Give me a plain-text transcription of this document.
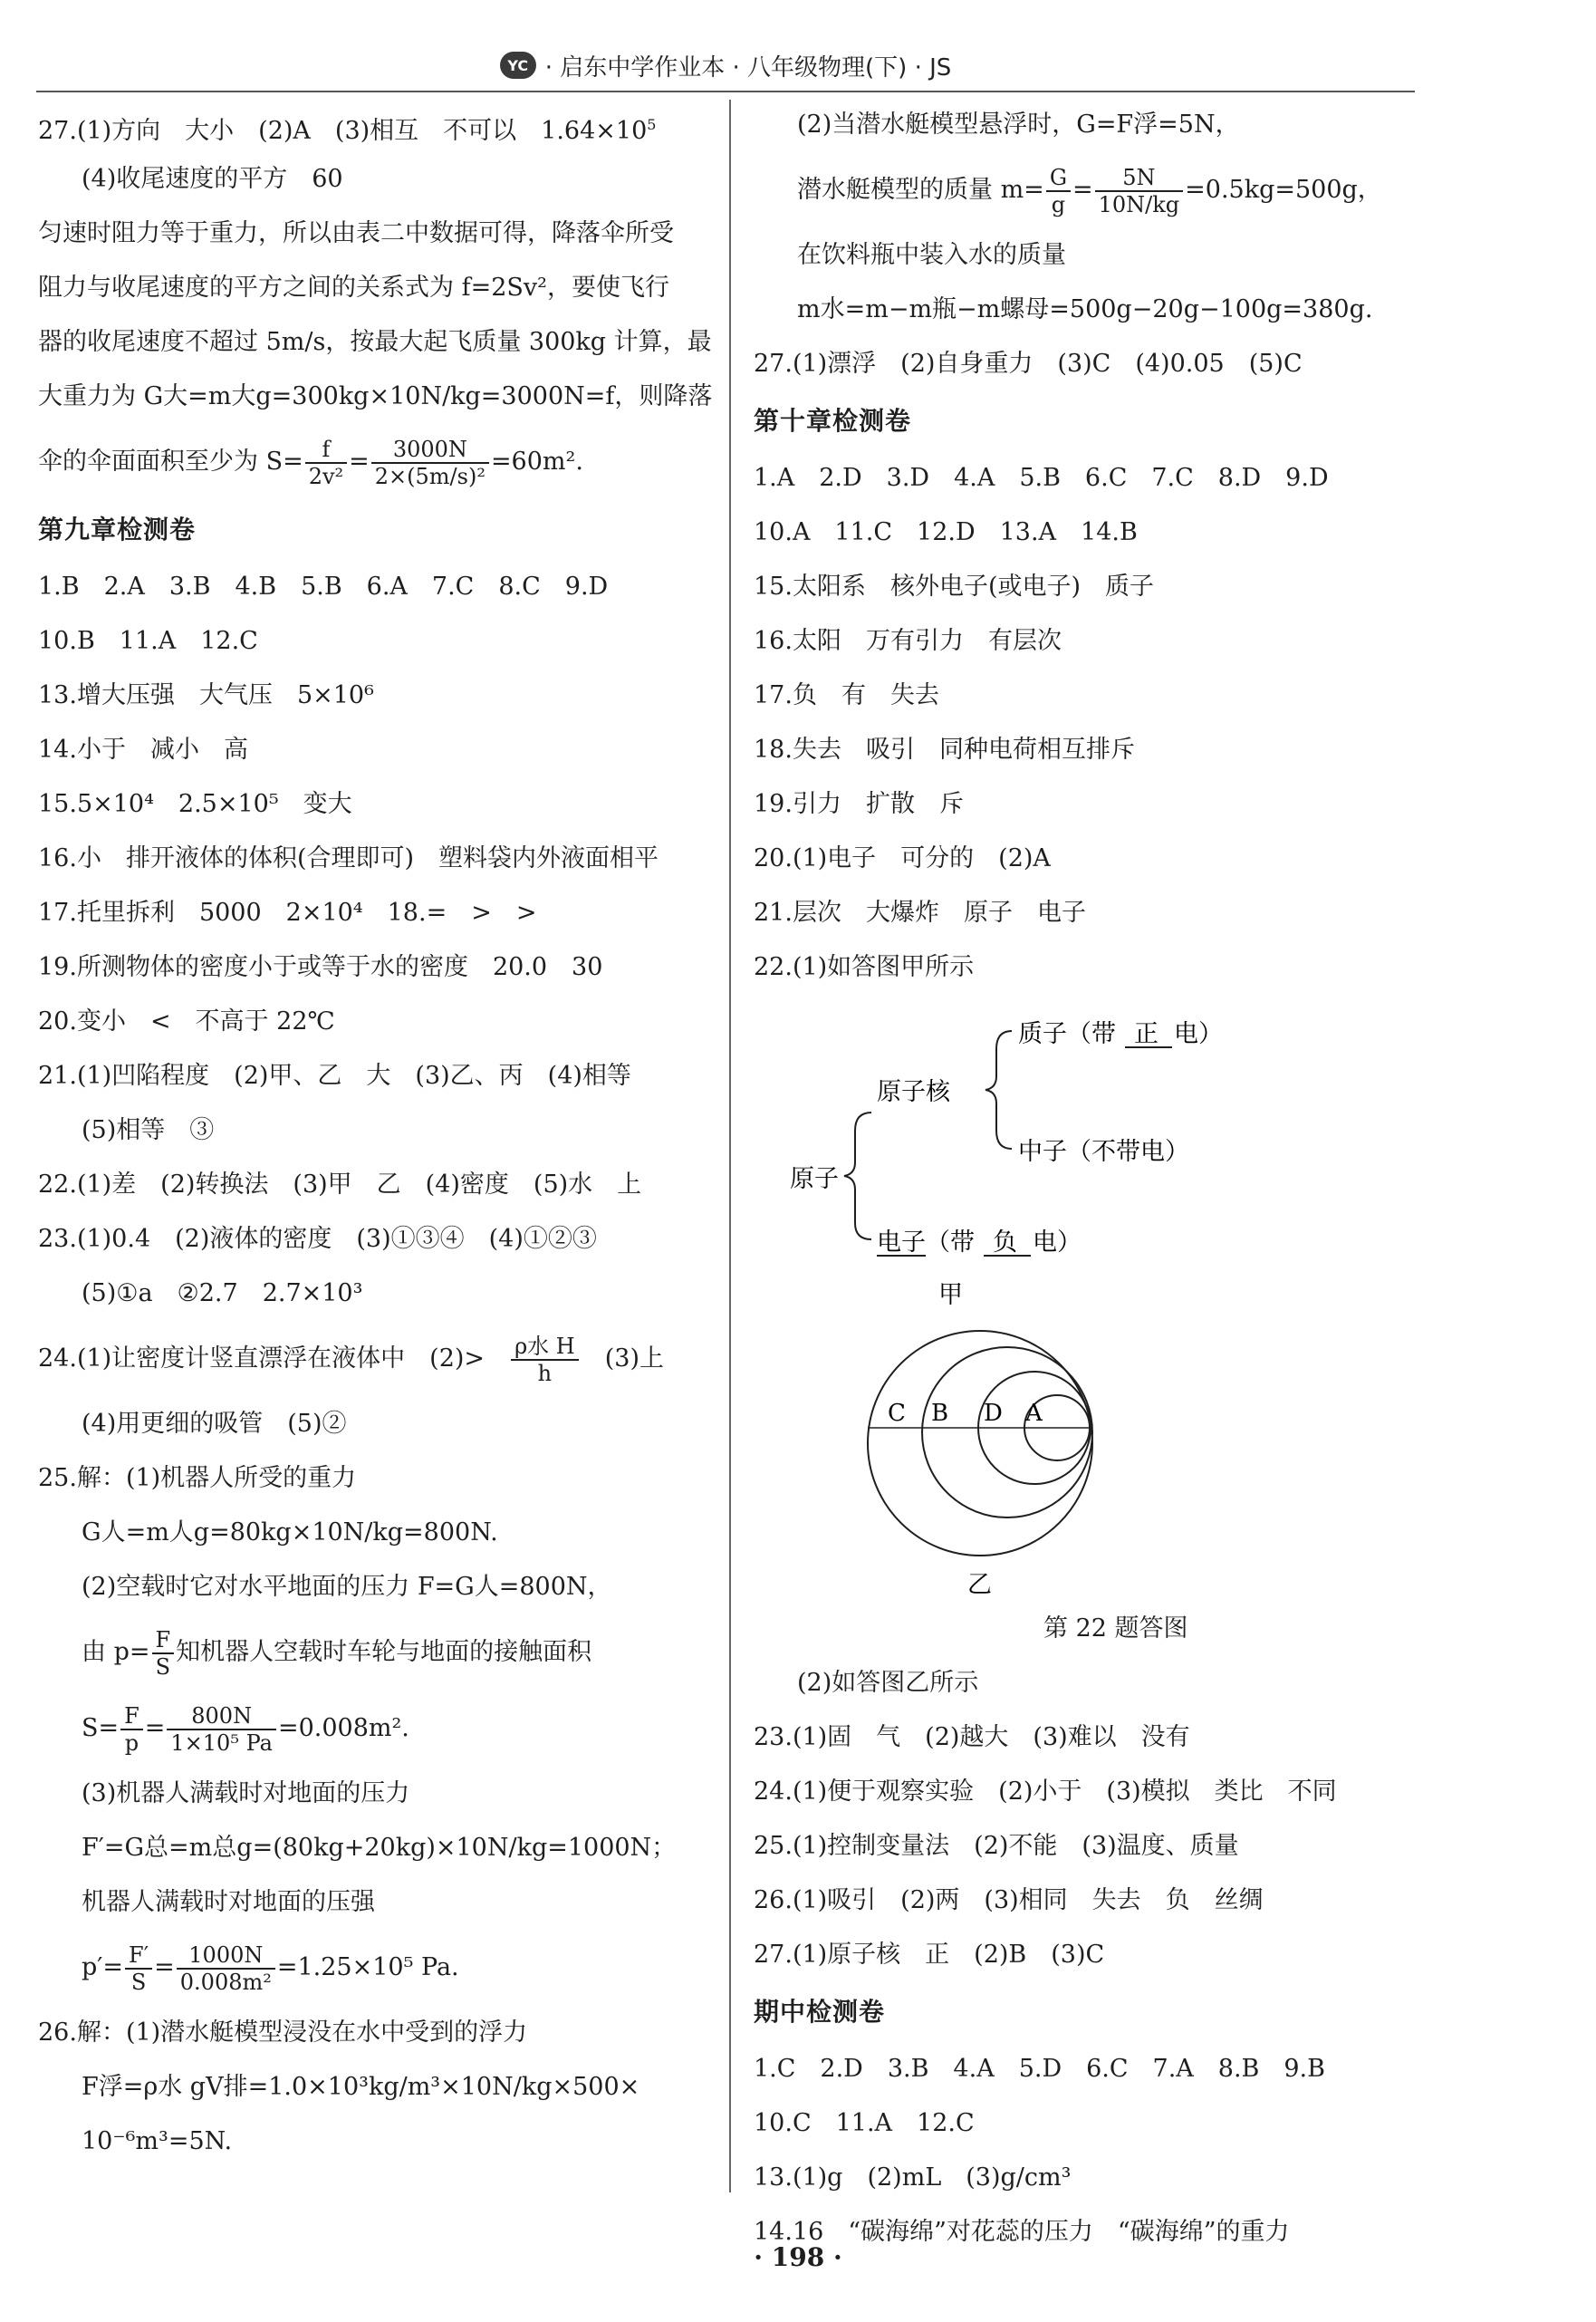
YC · 启东中学作业本 · 八年级物理(下) · JS
27.(1)方向　大小　(2)A　(3)相互　不可以　$1.64\times 10^5$
(4)收尾速度的平方　60
匀速时阻力等于重力，所以由表二中数据可得，降落伞所受
阻力与收尾速度的平方之间的关系式为 f=2Sv²，要使飞行
器的收尾速度不超过 5m/s，按最大起飞质量 300kg 计算，最
大重力为 G大=m大g=300kg×10N/kg=3000N=f，则降落
伞的伞面面积至少为 $S= \frac{f}{\text{2v²}} = \frac{3000N}{\text{2×(5m/s)²}} =60m^2$.
第九章检测卷
1.B　2.A　3.B　4.B　5.B　6.A　7.C　8.C　9.D
10.B　11.A　12.C
13.增大压强　大气压　5×10⁶
14.小于　减小　高
15.5×10⁴　2.5×10⁵　变大
16.小　排开液体的体积(合理即可)　塑料袋内外液面相平
17.托里拆利　5000　2×10⁴　18.=　>　>
19.所测物体的密度小于或等于水的密度　20.0　30
20.变小　<　不高于 22℃
21.(1)凹陷程度　(2)甲、乙　大　(3)乙、丙　(4)相等
(5)相等　③
22.(1)差　(2)转换法　(3)甲　乙　(4)密度　(5)水　上
23.(1)0.4　(2)液体的密度　(3)①③④　(4)①②③
(5)①a　②2.7　2.7×10³
24.(1)让密度计竖直漂浮在液体中　(2)>　 $\frac{\text{ρ水 H}}{h}$ 　(3)上
(4)用更细的吸管　(5)②
25.解：(1)机器人所受的重力
G人=m人g=80kg×10N/kg=800N.
(2)空载时它对水平地面的压力 F=G人=800N，
由 $p= \frac{F}{S}$ 知机器人空载时车轮与地面的接触面积
$S= \frac{F}{p} = \frac{800N}{\text{1×10⁵ Pa}} =0.008m^2$.
(3)机器人满载时对地面的压力
F′=G总=m总g=(80kg+20kg)×10N/kg=1000N；
机器人满载时对地面的压强
$p'= \frac{F'}{S} = \frac{1000N}{\text{0.008m²}} =1.25\times 10^5$ Pa.
26.解：(1)潜水艇模型浸没在水中受到的浮力
F浮=ρ水 gV排=1.0×10³kg/m³×10N/kg×500×
10⁻⁶m³=5N.
(2)当潜水艇模型悬浮时，G=F浮=5N，
潜水艇模型的质量 $m= \frac{G}{g} = \frac{5N}{10N/kg} =0.5kg=500g$，
在饮料瓶中装入水的质量
m水=m−m瓶−m螺母=500g−20g−100g=380g.
27.(1)漂浮　(2)自身重力　(3)C　(4)0.05　(5)C
第十章检测卷
1.A　2.D　3.D　4.A　5.B　6.C　7.C　8.D　9.D
10.A　11.C　12.D　13.A　14.B
15.太阳系　核外电子(或电子)　质子
16.太阳　万有引力　有层次
17.负　有　失去
18.失去　吸引　同种电荷相互排斥
19.引力　扩散　斥
20.(1)电子　可分的　(2)A
21.层次　大爆炸　原子　电子
22.(1)如答图甲所示
原子
原子核
质子（带 正 电）
中子（不带电）
电子（带 负 电）
甲
C B D A
乙
第 22 题答图
(2)如答图乙所示
23.(1)固　气　(2)越大　(3)难以　没有
24.(1)便于观察实验　(2)小于　(3)模拟　类比　不同
25.(1)控制变量法　(2)不能　(3)温度、质量
26.(1)吸引　(2)两　(3)相同　失去　负　丝绸
27.(1)原子核　正　(2)B　(3)C
期中检测卷
1.C　2.D　3.B　4.A　5.D　6.C　7.A　8.B　9.B
10.C　11.A　12.C
13.(1)g　(2)mL　(3)g/cm³
14.16　“碳海绵”对花蕊的压力　“碳海绵”的重力
· 198 ·
